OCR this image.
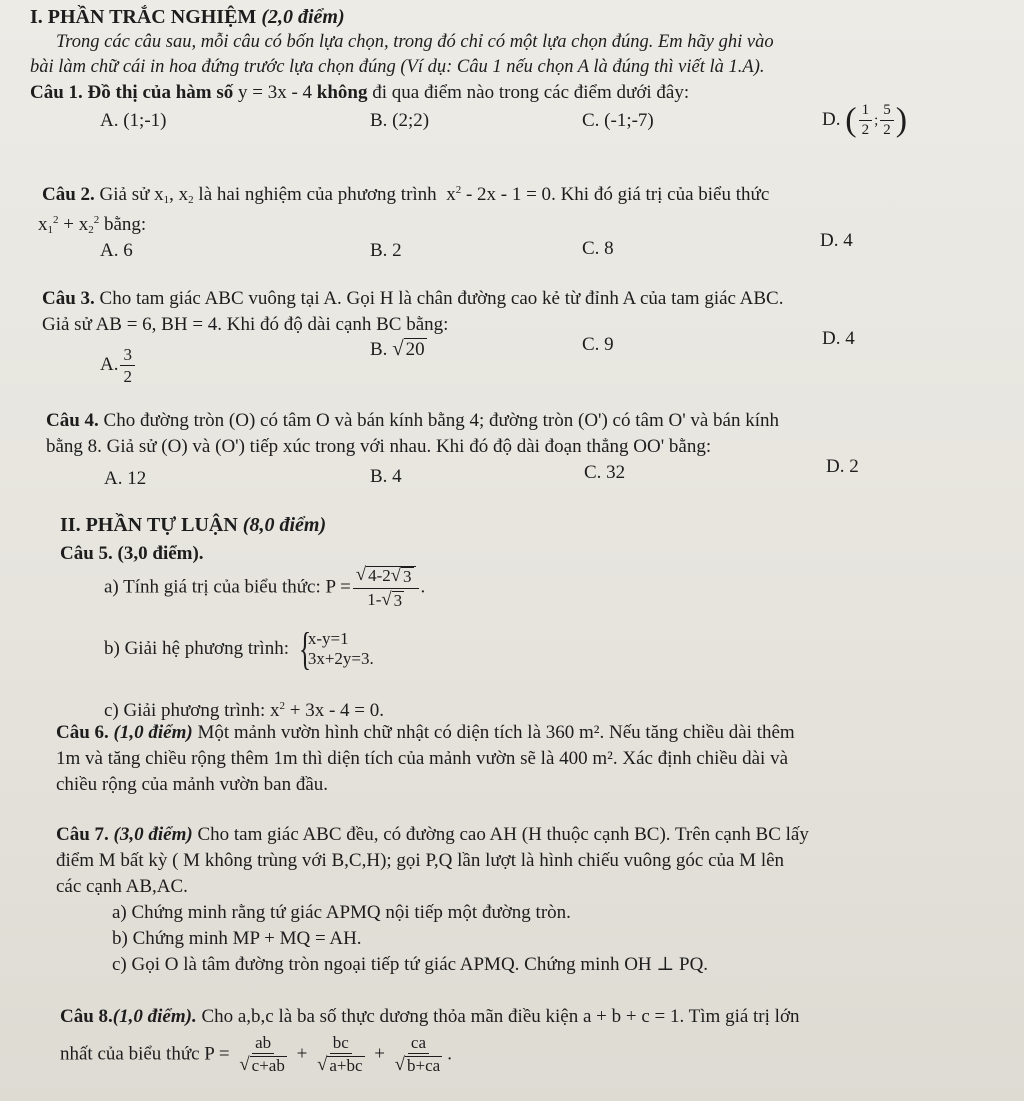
I. PHẦN TRẮC NGHIỆM (2,0 điểm)
Trong các câu sau, mỗi câu có bốn lựa chọn, trong đó chỉ có một lựa chọn đúng. Em hãy ghi vào
bài làm chữ cái in hoa đứng trước lựa chọn đúng (Ví dụ: Câu 1 nếu chọn A là đúng thì viết là 1.A).
Câu 1. Đồ thị của hàm số y = 3x - 4 không đi qua điểm nào trong các điểm dưới đây:
A. (1;-1)	B. (2;2)	C. (-1;-7)	D. ( $\frac{1}{2}$ ; $\frac{5}{2}$ )
Câu 2. Giả sử $x_1$, $x_2$ là hai nghiệm của phương trình  $x^2 - 2x - 1 = 0$. Khi đó giá trị của biểu thức
$x_1^2 + x_2^2$ bằng:
A. 6	B. 2	C. 8	D. 4
Câu 3. Cho tam giác ABC vuông tại A. Gọi H là chân đường cao kẻ từ đỉnh A của tam giác ABC.
Giả sử AB = 6, BH = 4. Khi đó độ dài cạnh BC bằng:
A. $\frac{3}{2}$	B. √ 20	C. 9	D. 4
Câu 4. Cho đường tròn (O) có tâm O và bán kính bằng 4; đường tròn (O') có tâm O' và bán kính
bằng 8. Giả sử (O) và (O') tiếp xúc trong với nhau. Khi đó độ dài đoạn thẳng OO' bằng:
A. 12	B. 4	C. 32	D. 2
II. PHẦN TỰ LUẬN (8,0 điểm)
Câu 5. (3,0 điểm).
a) Tính giá trị của biểu thức: $P = \frac{√ 4-2 √ 3}{1- √ 3}$ .
b) Giải hệ phương trình: {
x-y=1
3x+2y=3.
c) Giải phương trình: $x^2 + 3x - 4 = 0$.
Câu 6. (1,0 điểm) Một mảnh vườn hình chữ nhật có diện tích là 360 m². Nếu tăng chiều dài thêm
1m và tăng chiều rộng thêm 1m thì diện tích của mảnh vườn sẽ là 400 m². Xác định chiều dài và
chiều rộng của mảnh vườn ban đầu.
Câu 7. (3,0 điểm) Cho tam giác ABC đều, có đường cao AH (H thuộc cạnh BC). Trên cạnh BC lấy
điểm M bất kỳ ( M không trùng với B,C,H); gọi P,Q lần lượt là hình chiếu vuông góc của M lên
các cạnh AB,AC.
a) Chứng minh rằng tứ giác APMQ nội tiếp một đường tròn.
b) Chứng minh MP + MQ = AH.
c) Gọi O là tâm đường tròn ngoại tiếp tứ giác APMQ. Chứng minh OH ⊥ PQ.
Câu 8.(1,0 điểm). Cho a,b,c là ba số thực dương thỏa mãn điều kiện a + b + c = 1. Tìm giá trị lớn
nhất của biểu thức $P = \frac{ab}{√ c+ab} + \frac{bc}{√ a+bc} + \frac{ca}{√ b+ca}$ .
